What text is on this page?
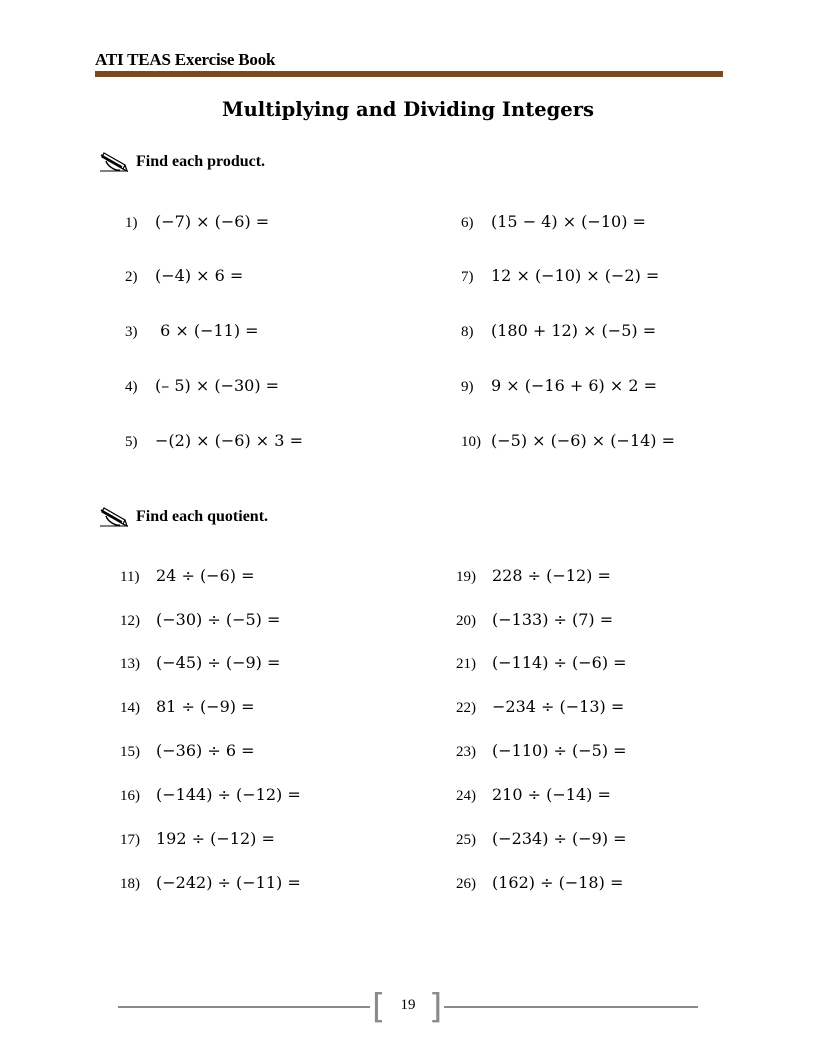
ATI TEAS Exercise Book
Multiplying and Dividing Integers
Find each product.
1) (−7) × (−6) =
2) (−4) × 6 =
3) 6 × (−11) =
4) (– 5) × (−30) =
5) −(2) × (−6) × 3 =
6) (15 − 4) × (−10) =
7) 12 × (−10) × (−2) =
8) (180 + 12) × (−5) =
9) 9 × (−16 + 6) × 2 =
10) (−5) × (−6) × (−14) =
Find each quotient.
11) 24 ÷ (−6) =
12) (−30) ÷ (−5) =
13) (−45) ÷ (−9) =
14) 81 ÷ (−9) =
15) (−36) ÷ 6 =
16) (−144) ÷ (−12) =
17) 192 ÷ (−12) =
18) (−242) ÷ (−11) =
19) 228 ÷ (−12) =
20) (−133) ÷ (7) =
21) (−114) ÷ (−6) =
22) −234 ÷ (−13) =
23) (−110) ÷ (−5) =
24) 210 ÷ (−14) =
25) (−234) ÷ (−9) =
26) (162) ÷ (−18) =
[ ]
19
